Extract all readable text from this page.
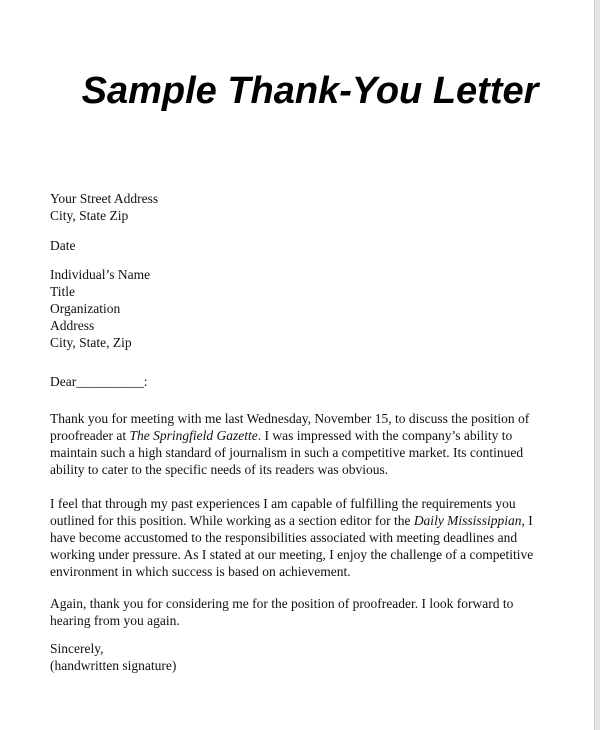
Sample Thank-You Letter
Your Street Address
City, State Zip
Date
Individual’s Name
Title
Organization
Address
City, State, Zip
Dear__________:
Thank you for meeting with me last Wednesday, November 15, to discuss the position of
proofreader at The Springfield Gazette. I was impressed with the company’s ability to
maintain such a high standard of journalism in such a competitive market. Its continued
ability to cater to the specific needs of its readers was obvious.
I feel that through my past experiences I am capable of fulfilling the requirements you
outlined for this position. While working as a section editor for the Daily Mississippian, I
have become accustomed to the responsibilities associated with meeting deadlines and
working under pressure. As I stated at our meeting, I enjoy the challenge of a competitive
environment in which success is based on achievement.
Again, thank you for considering me for the position of proofreader. I look forward to
hearing from you again.
Sincerely,
(handwritten signature)
